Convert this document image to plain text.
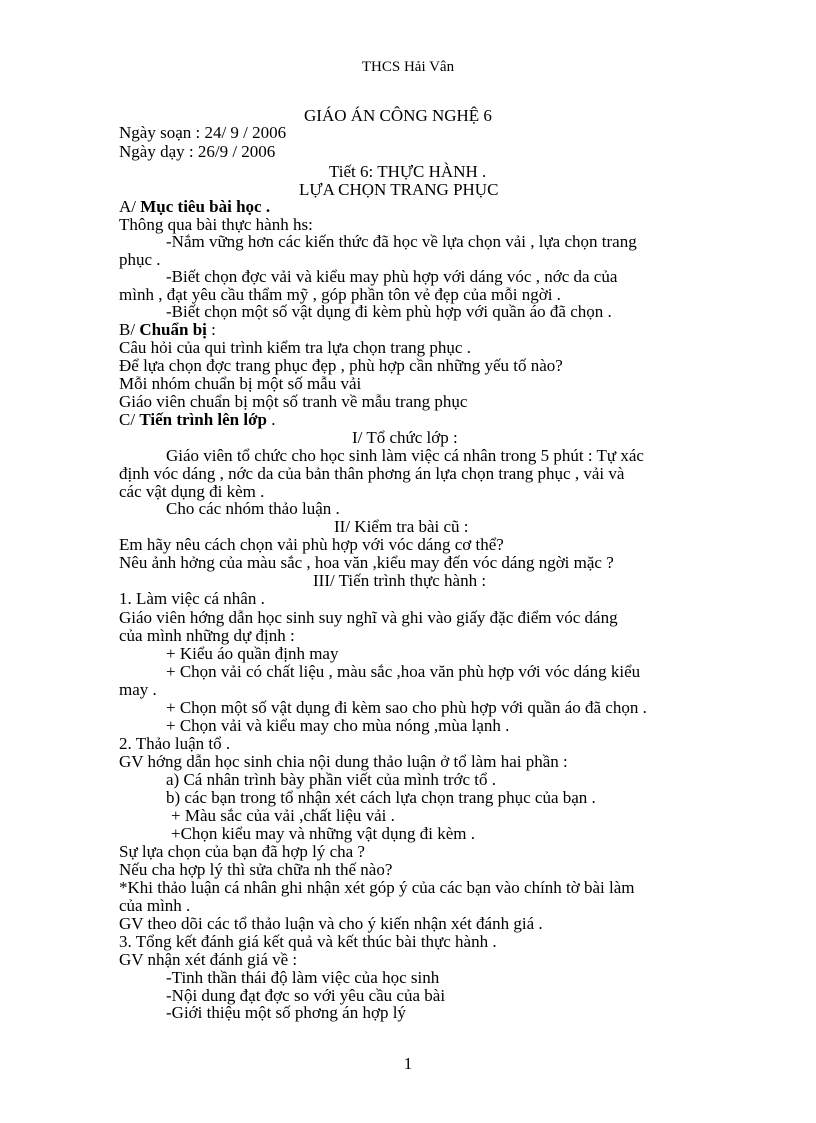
THCS Hải Vân
GIÁO ÁN CÔNG NGHỆ 6
Ngày soạn : 24/ 9 / 2006
Ngày dạy : 26/9 / 2006
Tiết 6: THỰC HÀNH .
LỰA CHỌN TRANG PHỤC
A/ Mục tiêu bài học .
Thông qua bài thực hành hs:
-Nắm vững hơn các kiến thức đã học về lựa chọn vải , lựa chọn trang
phục .
-Biết chọn đợc vải và kiểu may phù hợp với dáng vóc , nớc da của
mình , đạt yêu cầu thẩm mỹ , góp phần tôn vẻ đẹp của mỗi ngời .
-Biết chọn một số vật dụng đi kèm phù hợp với quần áo đã chọn .
B/ Chuẩn bị :
Câu hỏi của qui trình kiểm tra lựa chọn trang phục .
Để lựa chọn đợc trang phục đẹp , phù hợp cần những yếu tố nào?
Mỗi nhóm chuẩn bị một số mẫu vải
Giáo viên chuẩn bị một số tranh về mẫu trang phục
C/ Tiến trình lên lớp .
I/ Tổ chức lớp :
Giáo viên tổ chức cho học sinh làm việc cá nhân trong 5 phút : Tự xác
định vóc dáng , nớc da của bản thân phơng án lựa chọn trang phục , vải và
các vật dụng đi kèm .
Cho các nhóm thảo luận .
II/ Kiểm tra bài cũ :
Em hãy nêu cách chọn vải phù hợp với vóc dáng cơ thể?
Nêu ảnh hởng của màu sắc , hoa văn ,kiểu may đến vóc dáng ngời mặc ?
III/ Tiến trình thực hành :
1. Làm việc cá nhân .
Giáo viên hớng dẫn học sinh suy nghĩ và ghi vào giấy đặc điểm vóc dáng
của mình những dự định :
+ Kiểu áo quần định may
+ Chọn vải có chất liệu , màu sắc ,hoa văn phù hợp với vóc dáng kiểu
may .
+ Chọn một số vật dụng đi kèm sao cho phù hợp với quần áo đã chọn .
+ Chọn vải và kiểu may cho mùa nóng ,mùa lạnh .
2. Thảo luận tổ .
GV hớng dẫn học sinh chia nội dung thảo luận ở tổ làm hai phần :
a) Cá nhân trình bày phần viết của mình trớc tổ .
b) các bạn trong tổ nhận xét cách lựa chọn trang phục của bạn .
+ Màu sắc của vải ,chất liệu vải .
+Chọn kiểu may và những vật dụng đi kèm .
Sự lựa chọn của bạn đã hợp lý cha ?
Nếu cha hợp lý thì sửa chữa nh thế nào?
*Khi thảo luận cá nhân ghi nhận xét góp ý của các bạn vào chính tờ bài làm
của mình .
GV theo dõi các tổ thảo luận và cho ý kiến nhận xét đánh giá .
3. Tổng kết đánh giá kết quả và kết thúc bài thực hành .
GV nhận xét đánh giá về :
-Tinh thần thái độ làm việc của học sinh
-Nội dung đạt đợc so với yêu cầu của bài
-Giới thiệu một số phơng án hợp lý
1
